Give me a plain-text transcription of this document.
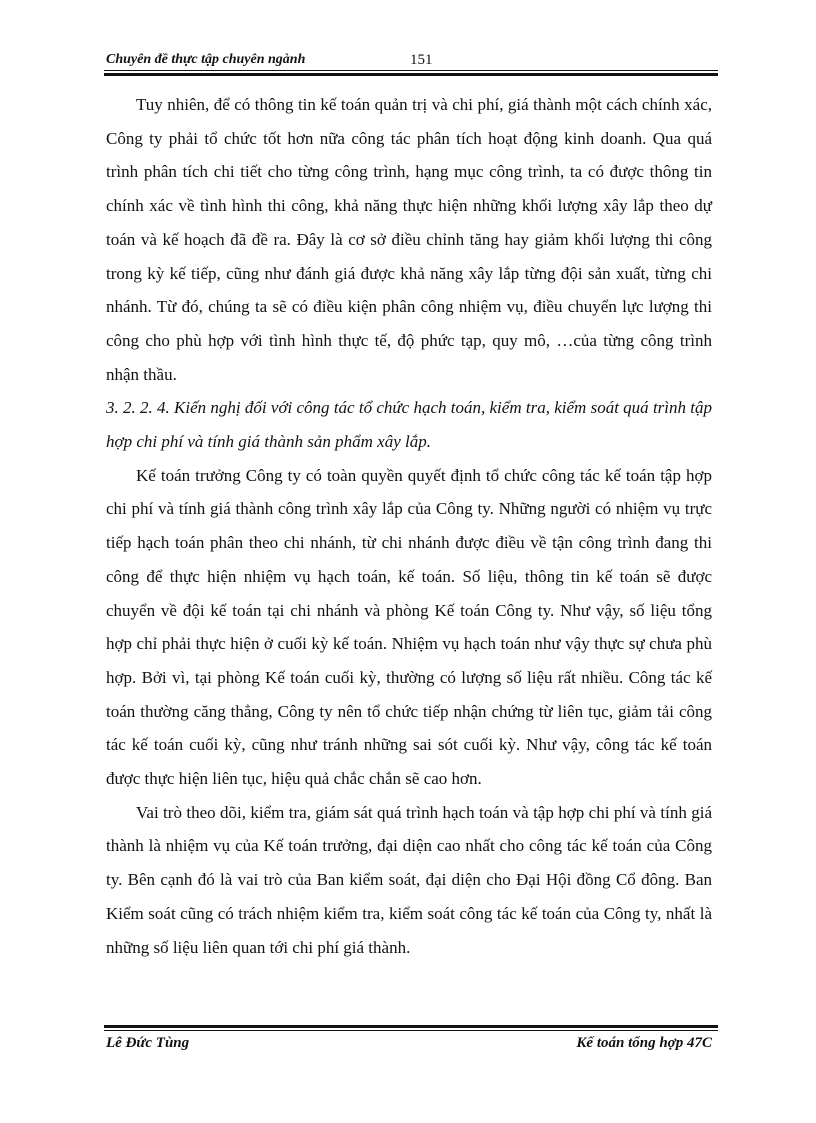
Chuyên đề thực tập chuyên ngành	151

Tuy nhiên, để có thông tin kế toán quản trị và chi phí, giá thành một cách chính xác, Công ty phải tổ chức tốt hơn nữa công tác phân tích hoạt động kinh doanh. Qua quá trình phân tích chi tiết cho từng công trình, hạng mục công trình, ta có được thông tin chính xác về tình hình thi công, khả năng thực hiện những khối lượng xây lắp theo dự toán và kế hoạch đã đề ra. Đây là cơ sở điều chỉnh tăng hay giảm khối lượng thi công trong kỳ kế tiếp, cũng như đánh giá được khả năng xây lắp từng đội sản xuất, từng chi nhánh. Từ đó, chúng ta sẽ có điều kiện phân công nhiệm vụ, điều chuyển lực lượng thi công cho phù hợp với tình hình thực tế, độ phức tạp, quy mô, …của từng công trình nhận thầu.

3. 2. 2. 4. Kiến nghị đối với công tác tổ chức hạch toán, kiểm tra, kiểm soát quá trình tập hợp chi phí và tính giá thành sản phẩm xây lắp.

Kế toán trưởng Công ty có toàn quyền quyết định tổ chức công tác kế toán tập hợp chi phí và tính giá thành công trình xây lắp của Công ty. Những người có nhiệm vụ trực tiếp hạch toán phân theo chi nhánh, từ chi nhánh được điều về tận công trình đang thi công để thực hiện nhiệm vụ hạch toán, kế toán. Số liệu, thông tin kế toán sẽ được chuyển về đội kế toán tại chi nhánh và phòng Kế toán Công ty. Như vậy, số liệu tổng hợp chỉ phải thực hiện ở cuối kỳ kế toán. Nhiệm vụ hạch toán như vậy thực sự chưa phù hợp. Bởi vì, tại phòng Kế toán cuối kỳ, thường có lượng số liệu rất nhiều. Công tác kế toán thường căng thẳng, Công ty nên tổ chức tiếp nhận chứng từ liên tục, giảm tải công tác kế toán cuối kỳ, cũng như tránh những sai sót cuối kỳ. Như vậy, công tác kế toán được thực hiện liên tục, hiệu quả chắc chắn sẽ cao hơn.

Vai trò theo dõi, kiểm tra, giám sát quá trình hạch toán và tập hợp chi phí và tính giá thành là nhiệm vụ của Kế toán trưởng, đại diện cao nhất cho công tác kế toán của Công ty. Bên cạnh đó là vai trò của Ban kiểm soát, đại diện cho Đại Hội đồng Cổ đông. Ban Kiểm soát cũng có trách nhiệm kiểm tra, kiểm soát công tác kế toán của Công ty, nhất là những số liệu liên quan tới chi phí giá thành.

Lê Đức Tùng	Kế toán tổng hợp 47C
